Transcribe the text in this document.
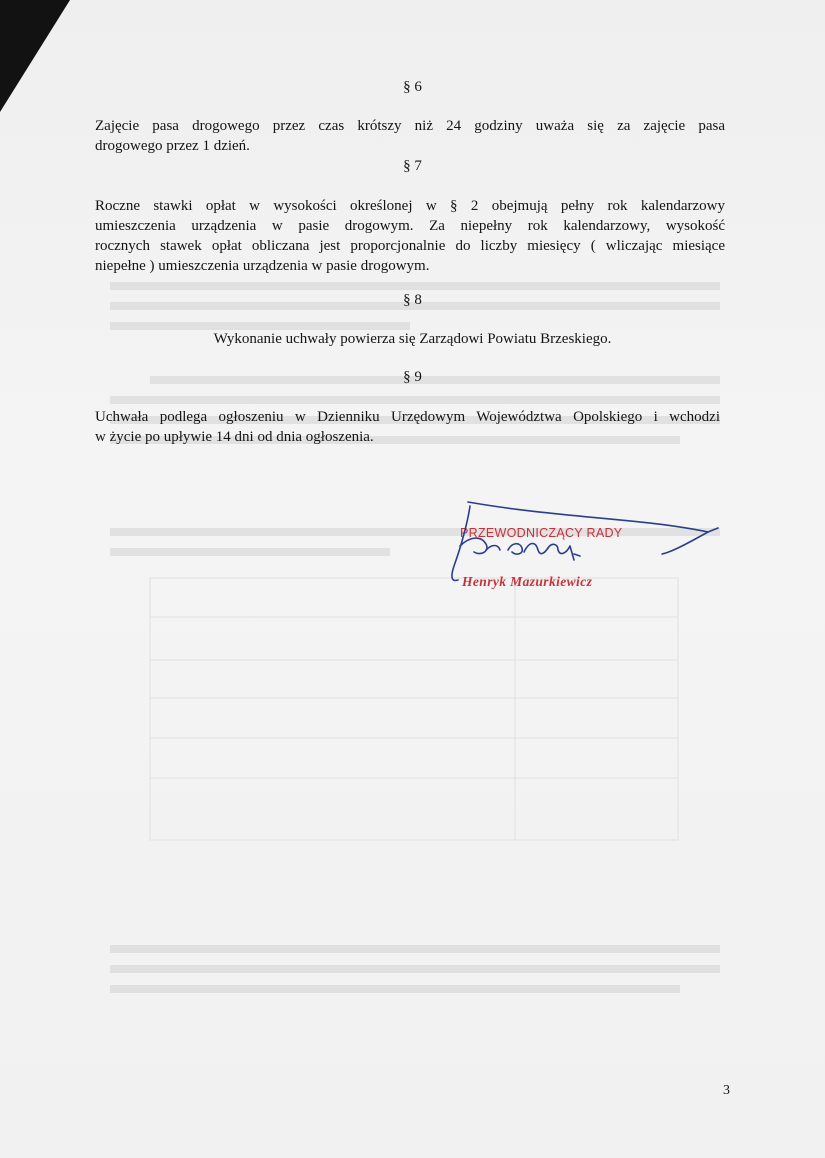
§ 6
Zajęcie pasa drogowego przez czas krótszy niż 24 godziny uważa się za zajęcie pasa
drogowego przez 1 dzień.
§ 7
Roczne stawki opłat w wysokości określonej w § 2 obejmują pełny rok kalendarzowy
umieszczenia urządzenia w pasie drogowym. Za niepełny rok kalendarzowy, wysokość
rocznych stawek opłat obliczana jest proporcjonalnie do liczby miesięcy ( wliczając miesiące
niepełne ) umieszczenia urządzenia w pasie drogowym.
§ 8
Wykonanie uchwały powierza się Zarządowi Powiatu Brzeskiego.
§ 9
Uchwała podlega ogłoszeniu w Dzienniku Urzędowym Województwa Opolskiego i wchodzi
w życie po upływie 14 dni od dnia ogłoszenia.
PRZEWODNICZĄCY RADY
Henryk Mazurkiewicz
3
